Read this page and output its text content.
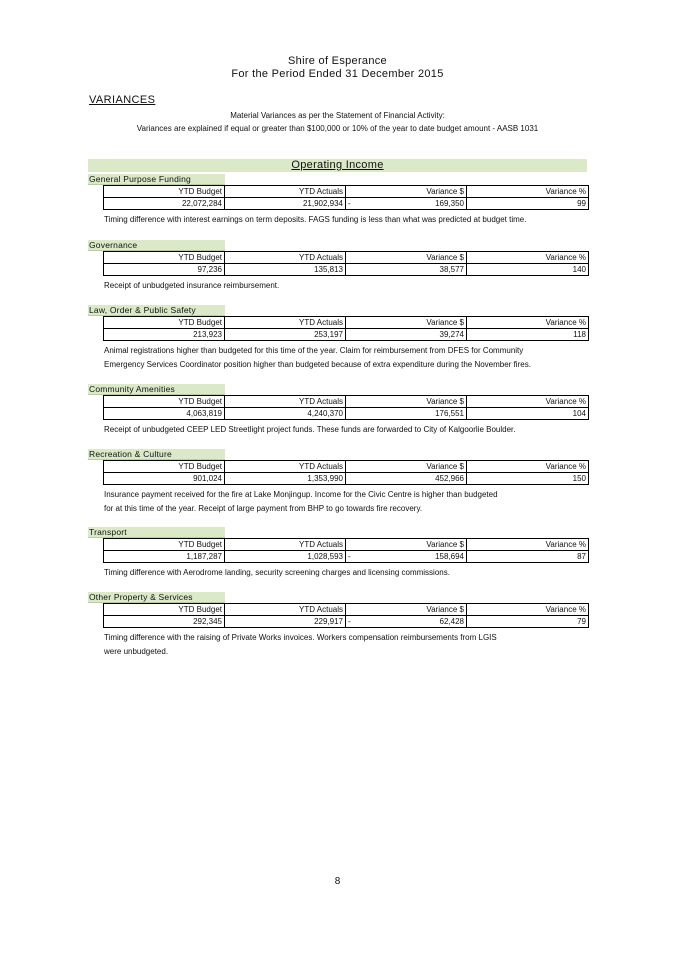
Shire of Esperance
For the Period Ended 31 December 2015
VARIANCES
Material Variances as per the Statement of Financial Activity:
Variances are explained if equal or greater than $100,000 or 10% of the year to date budget amount - AASB 1031
Operating Income
General Purpose Funding
YTD Budget	YTD Actuals	Variance $	Variance %
22,072,284	21,902,934	- 169,350	99

Timing difference with interest earnings on term deposits. FAGS funding is less than what was predicted at budget time.

Governance
YTD Budget	YTD Actuals	Variance $	Variance %
97,236	135,813	38,577	140

Receipt of unbudgeted insurance reimbursement.

Law, Order & Public Safety
YTD Budget	YTD Actuals	Variance $	Variance %
213,923	253,197	39,274	118

Animal registrations higher than budgeted for this time of the year. Claim for reimbursement from DFES for Community

Emergency Services Coordinator position higher than budgeted because of extra expenditure during the November fires.

Community Amenities
YTD Budget	YTD Actuals	Variance $	Variance %
4,063,819	4,240,370	176,551	104

Receipt of unbudgeted CEEP LED Streetlight project funds. These funds are forwarded to City of Kalgoorlie Boulder.

Recreation & Culture
YTD Budget	YTD Actuals	Variance $	Variance %
901,024	1,353,990	452,966	150

Insurance payment received for the fire at Lake Monjingup. Income for the Civic Centre is higher than budgeted

for at this time of the year. Receipt of large payment from BHP to go towards fire recovery.

Transport
YTD Budget	YTD Actuals	Variance $	Variance %
1,187,287	1,028,593	- 158,694	87

Timing difference with Aerodrome landing, security screening charges and licensing commissions.

Other Property & Services
YTD Budget	YTD Actuals	Variance $	Variance %
292,345	229,917	- 62,428	79

Timing difference with the raising of Private Works invoices. Workers compensation reimbursements from LGIS

were unbudgeted.

8
